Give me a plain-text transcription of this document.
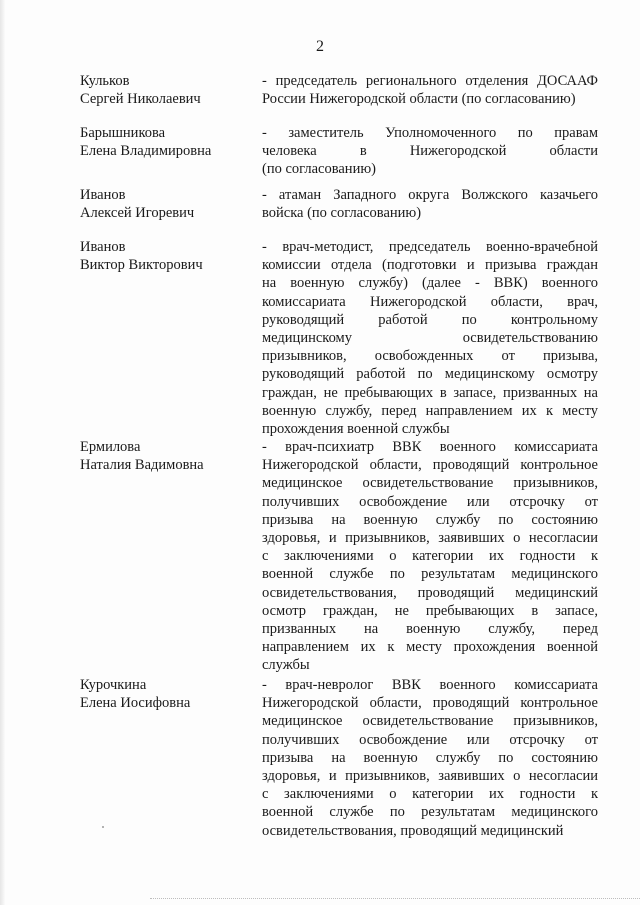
2
Кульков
Сергей Николаевич
- председатель регионального отделения ДОСААФ
России Нижегородской области (по согласованию)
Барышникова
Елена Владимировна
- заместитель Уполномоченного по правам
человека в Нижегородской области
(по согласованию)
Иванов
Алексей Игоревич
- атаман Западного округа Волжского казачьего
войска (по согласованию)
Иванов
Виктор Викторович
- врач-методист, председатель военно-врачебной
комиссии отдела (подготовки и призыва граждан
на военную службу) (далее - ВВК) военного
комиссариата Нижегородской области, врач,
руководящий работой по контрольному
медицинскому освидетельствованию
призывников, освобожденных от призыва,
руководящий работой по медицинскому осмотру
граждан, не пребывающих в запасе, призванных на
военную службу, перед направлением их к месту
прохождения военной службы
Ермилова
Наталия Вадимовна
- врач-психиатр ВВК военного комиссариата
Нижегородской области, проводящий контрольное
медицинское освидетельствование призывников,
получивших освобождение или отсрочку от
призыва на военную службу по состоянию
здоровья, и призывников, заявивших о несогласии
с заключениями о категории их годности к
военной службе по результатам медицинского
освидетельствования, проводящий медицинский
осмотр граждан, не пребывающих в запасе,
призванных на военную службу, перед
направлением их к месту прохождения военной
службы
Курочкина
Елена Иосифовна
- врач-невролог ВВК военного комиссариата
Нижегородской области, проводящий контрольное
медицинское освидетельствование призывников,
получивших освобождение или отсрочку от
призыва на военную службу по состоянию
здоровья, и призывников, заявивших о несогласии
с заключениями о категории их годности к
военной службе по результатам медицинского
освидетельствования, проводящий медицинский
